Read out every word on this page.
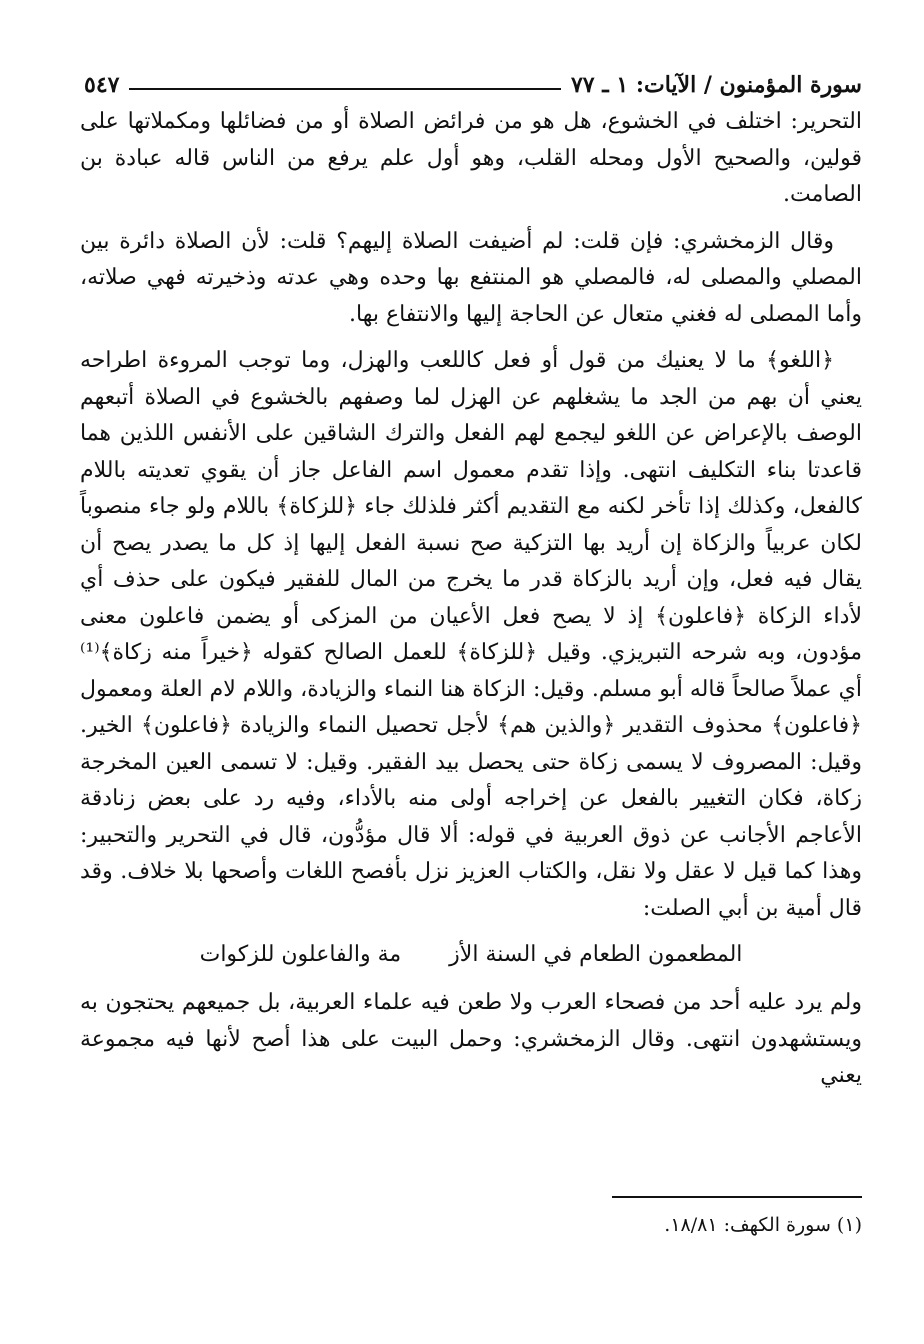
سورة المؤمنون / الآيات: ١ ـ ٧٧
٥٤٧

التحرير: اختلف في الخشوع، هل هو من فرائض الصلاة أو من فضائلها ومكملاتها على قولين، والصحيح الأول ومحله القلب، وهو أول علم يرفع من الناس قاله عبادة بن الصامت.

وقال الزمخشري: فإن قلت: لم أضيفت الصلاة إليهم؟ قلت: لأن الصلاة دائرة بين المصلي والمصلى له، فالمصلي هو المنتفع بها وحده وهي عدته وذخيرته فهي صلاته، وأما المصلى له فغني متعال عن الحاجة إليها والانتفاع بها.

﴿اللغو﴾ ما لا يعنيك من قول أو فعل كاللعب والهزل، وما توجب المروءة اطراحه يعني أن بهم من الجد ما يشغلهم عن الهزل لما وصفهم بالخشوع في الصلاة أتبعهم الوصف بالإعراض عن اللغو ليجمع لهم الفعل والترك الشاقين على الأنفس اللذين هما قاعدتا بناء التكليف انتهى. وإذا تقدم معمول اسم الفاعل جاز أن يقوي تعديته باللام كالفعل، وكذلك إذا تأخر لكنه مع التقديم أكثر فلذلك جاء ﴿للزكاة﴾ باللام ولو جاء منصوباً لكان عربياً والزكاة إن أريد بها التزكية صح نسبة الفعل إليها إذ كل ما يصدر يصح أن يقال فيه فعل، وإن أريد بالزكاة قدر ما يخرج من المال للفقير فيكون على حذف أي لأداء الزكاة ﴿فاعلون﴾ إذ لا يصح فعل الأعيان من المزكى أو يضمن فاعلون معنى مؤدون، وبه شرحه التبريزي. وقيل ﴿للزكاة﴾ للعمل الصالح كقوله ﴿خيراً منه زكاة﴾⁽¹⁾ أي عملاً صالحاً قاله أبو مسلم. وقيل: الزكاة هنا النماء والزيادة، واللام لام العلة ومعمول ﴿فاعلون﴾ محذوف التقدير ﴿والذين هم﴾ لأجل تحصيل النماء والزيادة ﴿فاعلون﴾ الخير. وقيل: المصروف لا يسمى زكاة حتى يحصل بيد الفقير. وقيل: لا تسمى العين المخرجة زكاة، فكان التغيير بالفعل عن إخراجه أولى منه بالأداء، وفيه رد على بعض زنادقة الأعاجم الأجانب عن ذوق العربية في قوله: ألا قال مؤدُّون، قال في التحرير والتحبير: وهذا كما قيل لا عقل ولا نقل، والكتاب العزيز نزل بأفصح اللغات وأصحها بلا خلاف. وقد قال أمية بن أبي الصلت:

المطعمون الطعام في السنة الأز
مة والفاعلون للزكوات

ولم يرد عليه أحد من فصحاء العرب ولا طعن فيه علماء العربية، بل جميعهم يحتجون به ويستشهدون انتهى. وقال الزمخشري: وحمل البيت على هذا أصح لأنها فيه مجموعة يعني

(١) سورة الكهف: ١٨/٨١.
